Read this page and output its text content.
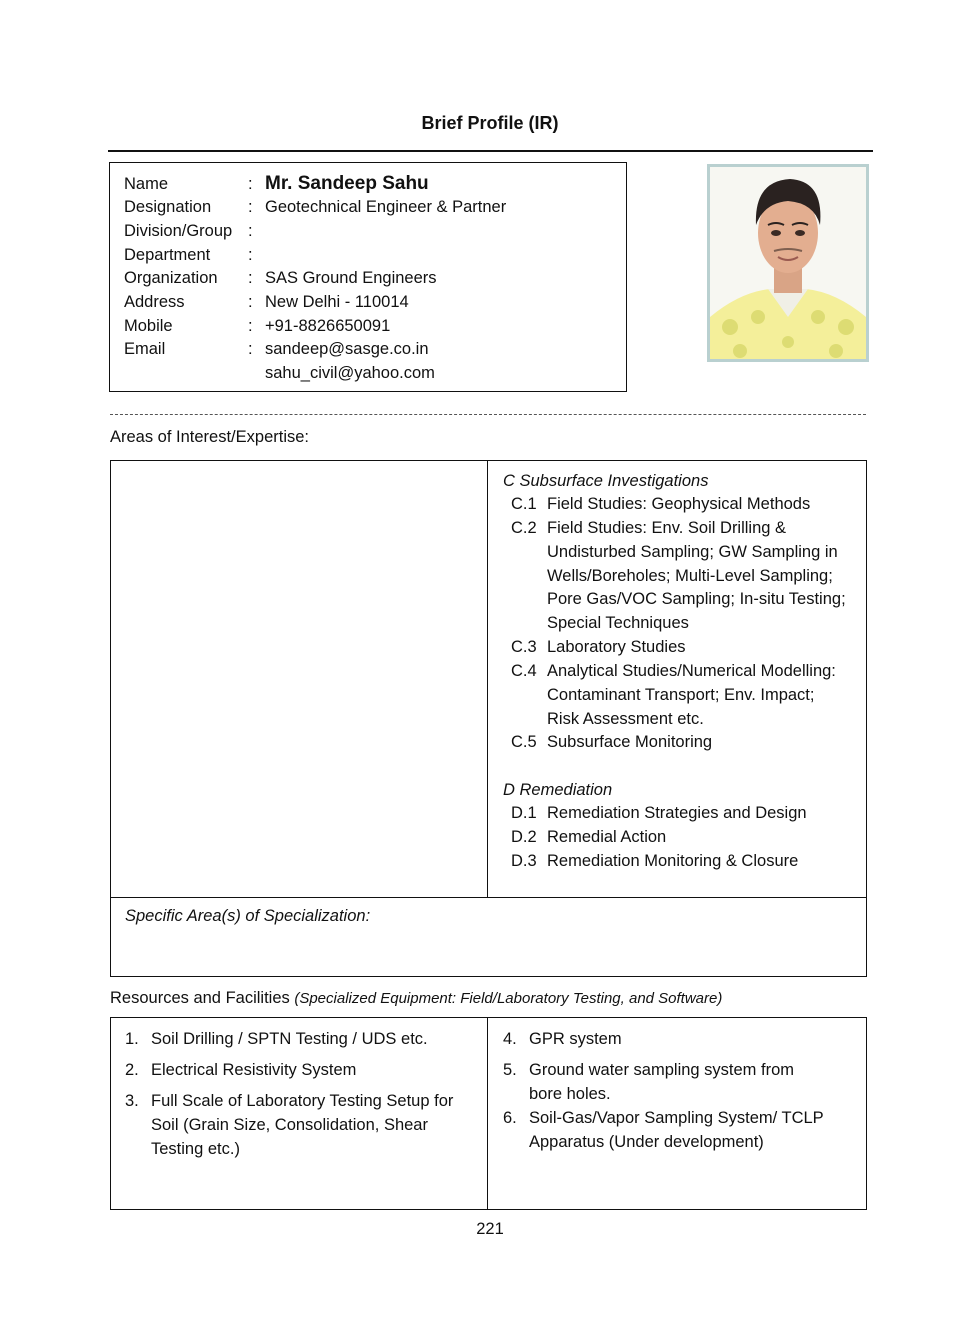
Brief Profile (IR)
Name	: Mr. Sandeep Sahu
Designation	: Geotechnical Engineer & Partner
Division/Group :
Department	:
Organization	: SAS Ground Engineers
Address	: New Delhi - 110014
Mobile	: +91-8826650091
Email	: sandeep@sasge.co.in
sahu_civil@yahoo.com
Areas of Interest/Expertise:
C Subsurface Investigations
C.1 Field Studies: Geophysical Methods
C.2 Field Studies: Env. Soil Drilling & Undisturbed Sampling; GW Sampling in Wells/Boreholes; Multi-Level Sampling; Pore Gas/VOC Sampling; In-situ Testing; Special Techniques
C.3 Laboratory Studies
C.4 Analytical Studies/Numerical Modelling: Contaminant Transport; Env. Impact; Risk Assessment etc.
C.5 Subsurface Monitoring
D Remediation
D.1 Remediation Strategies and Design
D.2 Remedial Action
D.3 Remediation Monitoring & Closure
Specific Area(s) of Specialization:
Resources and Facilities (Specialized Equipment: Field/Laboratory Testing, and Software)
1. Soil Drilling / SPTN Testing / UDS etc.
2. Electrical Resistivity System
3. Full Scale of Laboratory Testing Setup for Soil (Grain Size, Consolidation, Shear Testing etc.)
4. GPR system
5. Ground water sampling system from bore holes.
6. Soil-Gas/Vapor Sampling System/ TCLP Apparatus (Under development)
221
